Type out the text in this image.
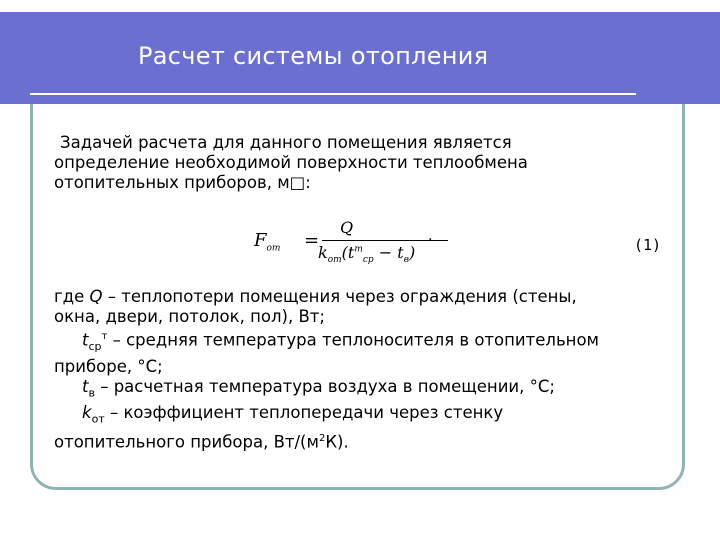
Расчет системы отопления
Задачей расчета для данного помещения является
определение необходимой поверхности теплообмена
отопительных приборов, м□:
$F_{от}$ =
Q
$k_{от}(t^т_{ср} - t_в)$
.	(1)
где Q – теплопотери помещения через ограждения (стены,
окна, двери, потолок, пол), Вт;
$t_{ср}^т$ – средняя температура теплоносителя в отопительном
приборе, °С;
$t_в$ – расчетная температура воздуха в помещении, °С;
$k_{от}$ – коэффициент теплопередачи через стенку
отопительного прибора, $Вт/(м^2К)$.
